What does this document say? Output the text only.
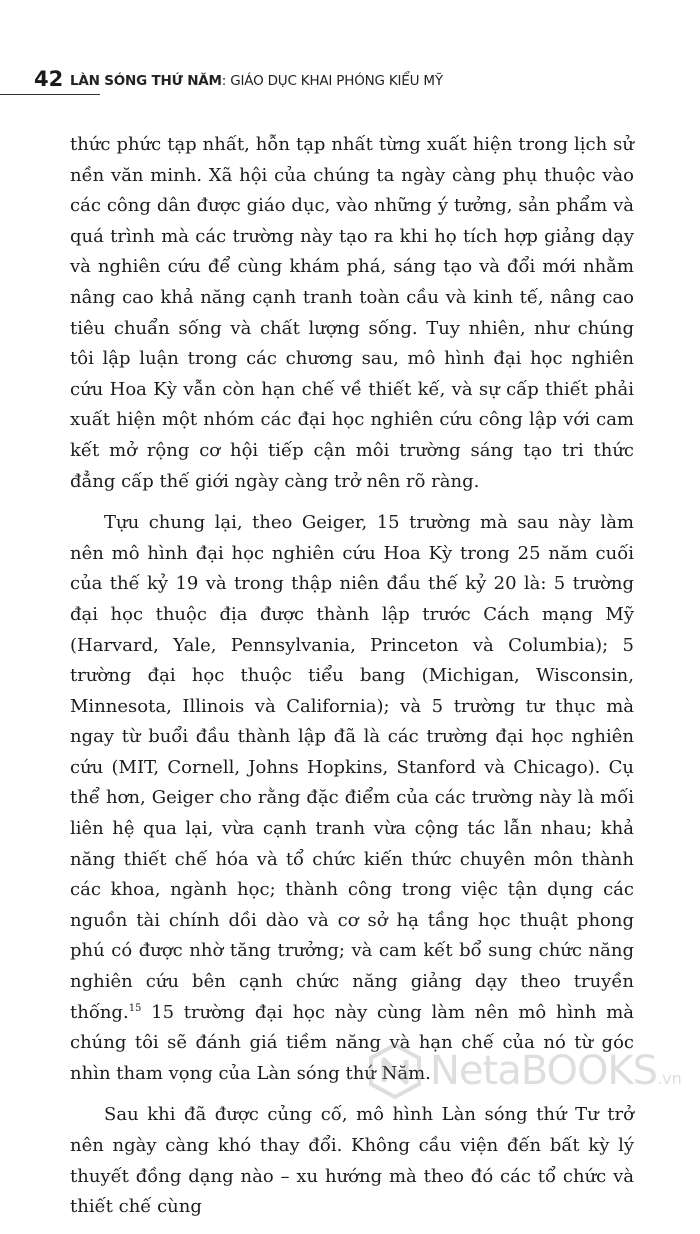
42 LÀN SÓNG THỨ NĂM: GIÁO DỤC KHAI PHÓNG KIỂU MỸ

thức phức tạp nhất, hỗn tạp nhất từng xuất hiện trong lịch sử nền văn minh. Xã hội của chúng ta ngày càng phụ thuộc vào các công dân được giáo dục, vào những ý tưởng, sản phẩm và quá trình mà các trường này tạo ra khi họ tích hợp giảng dạy và nghiên cứu để cùng khám phá, sáng tạo và đổi mới nhằm nâng cao khả năng cạnh tranh toàn cầu và kinh tế, nâng cao tiêu chuẩn sống và chất lượng sống. Tuy nhiên, như chúng tôi lập luận trong các chương sau, mô hình đại học nghiên cứu Hoa Kỳ vẫn còn hạn chế về thiết kế, và sự cấp thiết phải xuất hiện một nhóm các đại học nghiên cứu công lập với cam kết mở rộng cơ hội tiếp cận môi trường sáng tạo tri thức đẳng cấp thế giới ngày càng trở nên rõ ràng.

Tựu chung lại, theo Geiger, 15 trường mà sau này làm nên mô hình đại học nghiên cứu Hoa Kỳ trong 25 năm cuối của thế kỷ 19 và trong thập niên đầu thế kỷ 20 là: 5 trường đại học thuộc địa được thành lập trước Cách mạng Mỹ (Harvard, Yale, Pennsylvania, Princeton và Columbia); 5 trường đại học thuộc tiểu bang (Michigan, Wisconsin, Minnesota, Illinois và California); và 5 trường tư thục mà ngay từ buổi đầu thành lập đã là các trường đại học nghiên cứu (MIT, Cornell, Johns Hopkins, Stanford và Chicago). Cụ thể hơn, Geiger cho rằng đặc điểm của các trường này là mối liên hệ qua lại, vừa cạnh tranh vừa cộng tác lẫn nhau; khả năng thiết chế hóa và tổ chức kiến thức chuyên môn thành các khoa, ngành học; thành công trong việc tận dụng các nguồn tài chính dồi dào và cơ sở hạ tầng học thuật phong phú có được nhờ tăng trưởng; và cam kết bổ sung chức năng nghiên cứu bên cạnh chức năng giảng dạy theo truyền thống.$^{15}$ 15 trường đại học này cùng làm nên mô hình mà chúng tôi sẽ đánh giá tiềm năng và hạn chế của nó từ góc nhìn tham vọng của Làn sóng thứ Năm.

Sau khi đã được củng cố, mô hình Làn sóng thứ Tư trở nên ngày càng khó thay đổi. Không cầu viện đến bất kỳ lý thuyết đồng dạng nào – xu hướng mà theo đó các tổ chức và thiết chế cùng

NetaBOOKS.vn
